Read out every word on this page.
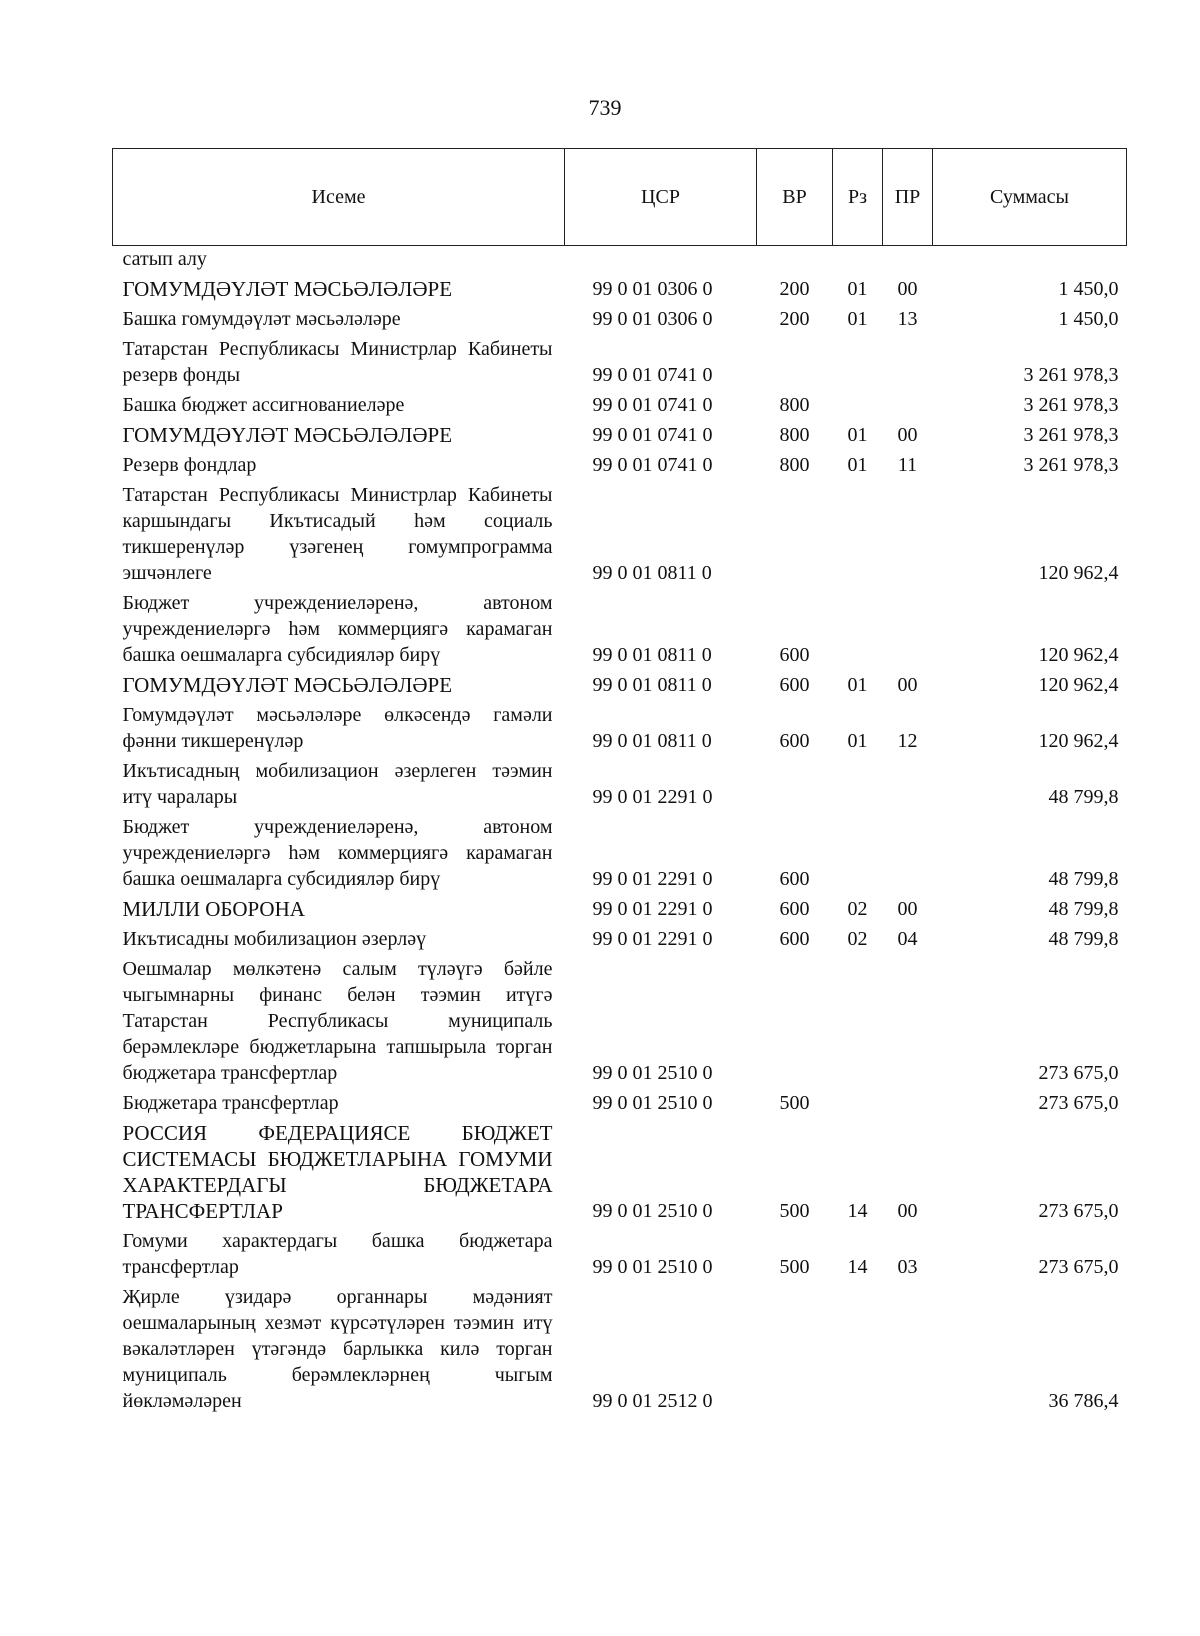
739
Исеме	ЦСР	ВР	Рз	ПР	Суммасы
сатып алу					
ГОМУМДӘҮЛӘТ МӘСЬӘЛӘЛӘРЕ	99 0 01 0306 0	200	01	00	1 450,0
Башка гомумдәүләт мәсьәләләре	99 0 01 0306 0	200	01	13	1 450,0
Татарстан Республикасы Министрлар Кабинеты резерв фонды	99 0 01 0741 0				3 261 978,3
Башка бюджет ассигнованиеләре	99 0 01 0741 0	800			3 261 978,3
ГОМУМДӘҮЛӘТ МӘСЬӘЛӘЛӘРЕ	99 0 01 0741 0	800	01	00	3 261 978,3
Резерв фондлар	99 0 01 0741 0	800	01	11	3 261 978,3
Татарстан Республикасы Министрлар Кабинеты каршындагы Икътисадый һәм социаль тикшеренүләр үзәгенең гомумпрограмма эшчәнлеге	99 0 01 0811 0				120 962,4
Бюджет учреждениеләренә, автоном учреждениеләргә һәм коммерциягә карамаган башка оешмаларга субсидияләр бирү	99 0 01 0811 0	600			120 962,4
ГОМУМДӘҮЛӘТ МӘСЬӘЛӘЛӘРЕ	99 0 01 0811 0	600	01	00	120 962,4
Гомумдәүләт мәсьәләләре өлкәсендә гамәли фәнни тикшеренүләр	99 0 01 0811 0	600	01	12	120 962,4
Икътисадның мобилизацион әзерлеген тәэмин итү чаралары	99 0 01 2291 0				48 799,8
Бюджет учреждениеләренә, автоном учреждениеләргә һәм коммерциягә карамаган башка оешмаларга субсидияләр бирү	99 0 01 2291 0	600			48 799,8
МИЛЛИ ОБОРОНА	99 0 01 2291 0	600	02	00	48 799,8
Икътисадны мобилизацион әзерләү	99 0 01 2291 0	600	02	04	48 799,8
Оешмалар мөлкәтенә салым түләүгә бәйле чыгымнарны финанс белән тәэмин итүгә Татарстан Республикасы муниципаль берәмлекләре бюджетларына тапшырыла торган бюджетара трансфертлар	99 0 01 2510 0				273 675,0
Бюджетара трансфертлар	99 0 01 2510 0	500			273 675,0
РОССИЯ ФЕДЕРАЦИЯСЕ БЮДЖЕТ СИСТЕМАСЫ БЮДЖЕТЛАРЫНА ГОМУМИ ХАРАКТЕРДАГЫ БЮДЖЕТАРА ТРАНСФЕРТЛАР	99 0 01 2510 0	500	14	00	273 675,0
Гомуми характердагы башка бюджетара трансфертлар	99 0 01 2510 0	500	14	03	273 675,0
Җирле үзидарә органнары мәдәният оешмаларының хезмәт күрсәтүләрен тәэмин итү вәкаләтләрен үтәгәндә барлыкка килә торган муниципаль берәмлекләрнең чыгым йөкләмәләрен	99 0 01 2512 0				36 786,4
